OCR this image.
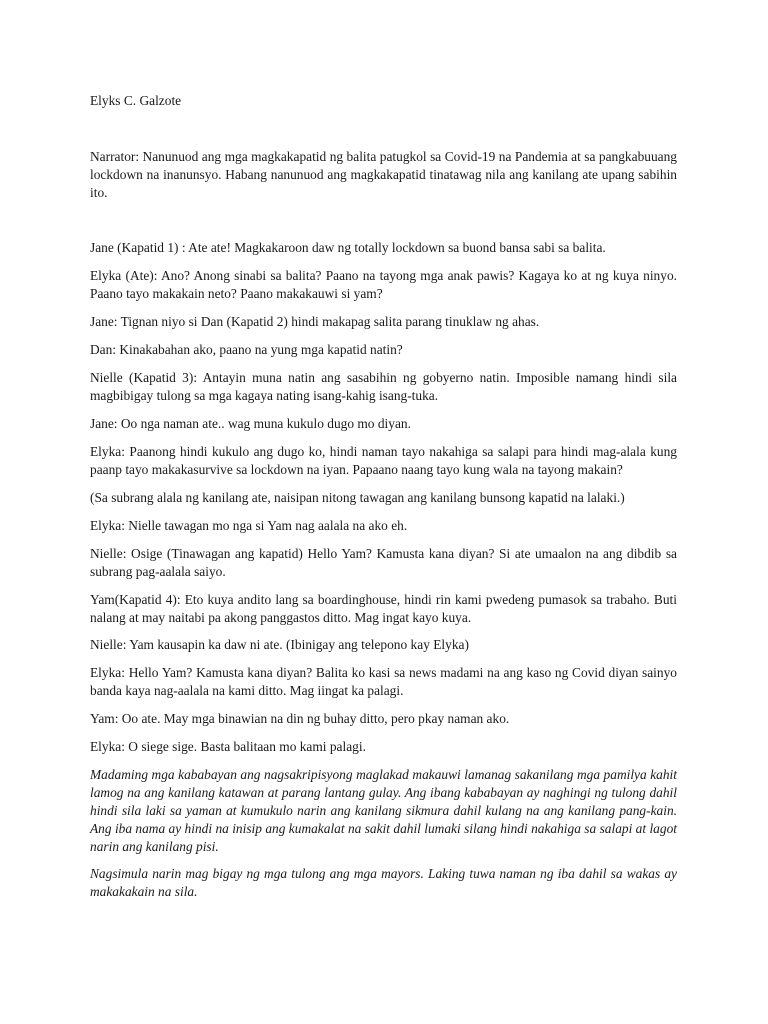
Elyks C. Galzote

Narrator: Nanunuod ang mga magkakapatid ng balita patugkol sa Covid-19 na Pandemia at sa pangkabuuang lockdown na inanunsyo. Habang nanunuod ang magkakapatid tinatawag nila ang kanilang ate upang sabihin ito.

Jane (Kapatid 1) : Ate ate! Magkakaroon daw ng totally lockdown sa buond bansa sabi sa balita.

Elyka (Ate): Ano? Anong sinabi sa balita? Paano na tayong mga anak pawis? Kagaya ko at ng kuya ninyo. Paano tayo makakain neto? Paano makakauwi si yam?

Jane: Tignan niyo si Dan (Kapatid 2) hindi makapag salita parang tinuklaw ng ahas.

Dan: Kinakabahan ako, paano na yung mga kapatid natin?

Nielle (Kapatid 3): Antayin muna natin ang sasabihin ng gobyerno natin. Imposible namang hindi sila magbibigay tulong sa mga kagaya nating isang-kahig isang-tuka.

Jane: Oo nga naman ate.. wag muna kukulo dugo mo diyan.

Elyka: Paanong hindi kukulo ang dugo ko, hindi naman tayo nakahiga sa salapi para hindi mag-alala kung paanp tayo makakasurvive sa lockdown na iyan. Papaano naang tayo kung wala na tayong makain?

(Sa subrang alala ng kanilang ate, naisipan nitong tawagan ang kanilang bunsong kapatid na lalaki.)

Elyka: Nielle tawagan mo nga si Yam nag aalala na ako eh.

Nielle: Osige (Tinawagan ang kapatid) Hello Yam? Kamusta kana diyan? Si ate umaalon na ang dibdib sa subrang pag-aalala saiyo.

Yam(Kapatid 4): Eto kuya andito lang sa boardinghouse, hindi rin kami pwedeng pumasok sa trabaho. Buti nalang at may naitabi pa akong panggastos ditto. Mag ingat kayo kuya.

Nielle: Yam kausapin ka daw ni ate. (Ibinigay ang telepono kay Elyka)

Elyka: Hello Yam? Kamusta kana diyan? Balita ko kasi sa news madami na ang kaso ng Covid diyan sainyo banda kaya nag-aalala na kami ditto. Mag iingat ka palagi.

Yam: Oo ate. May mga binawian na din ng buhay ditto, pero pkay naman ako.

Elyka: O siege sige. Basta balitaan mo kami palagi.

Madaming mga kababayan ang nagsakripisyong maglakad makauwi lamanag sakanilang mga pamilya kahit lamog na ang kanilang katawan at parang lantang gulay. Ang ibang kababayan ay naghingi ng tulong dahil hindi sila laki sa yaman at kumukulo narin ang kanilang sikmura dahil kulang na ang kanilang pang-kain. Ang iba nama ay hindi na inisip ang kumakalat na sakit dahil lumaki silang hindi nakahiga sa salapi at lagot narin ang kanilang pisi.

Nagsimula narin mag bigay ng mga tulong ang mga mayors. Laking tuwa naman ng iba dahil sa wakas ay makakakain na sila.
